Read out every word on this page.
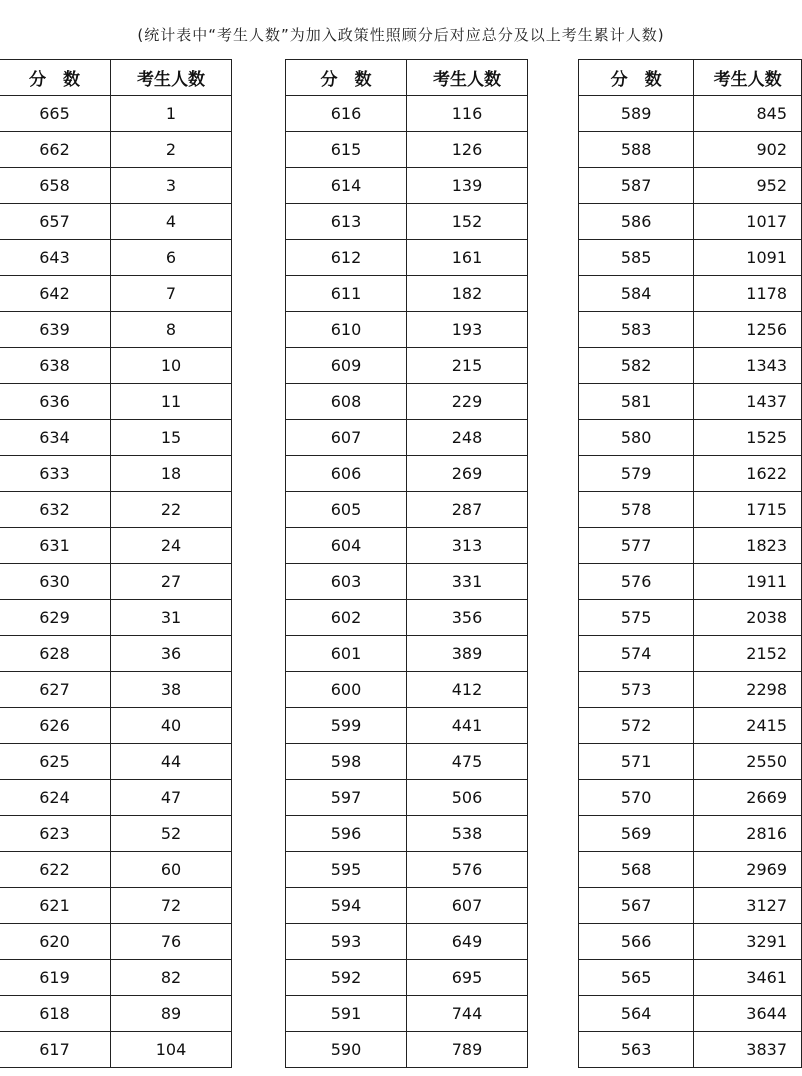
(统计表中“考生人数”为加入政策性照顾分后对应总分及以上考生累计人数)
分　数	考生人数
665	1
662	2
658	3
657	4
643	6
642	7
639	8
638	10
636	11
634	15
633	18
632	22
631	24
630	27
629	31
628	36
627	38
626	40
625	44
624	47
623	52
622	60
621	72
620	76
619	82
618	89
617	104
分　数	考生人数
616	116
615	126
614	139
613	152
612	161
611	182
610	193
609	215
608	229
607	248
606	269
605	287
604	313
603	331
602	356
601	389
600	412
599	441
598	475
597	506
596	538
595	576
594	607
593	649
592	695
591	744
590	789
分　数	考生人数
589	845
588	902
587	952
586	1017
585	1091
584	1178
583	1256
582	1343
581	1437
580	1525
579	1622
578	1715
577	1823
576	1911
575	2038
574	2152
573	2298
572	2415
571	2550
570	2669
569	2816
568	2969
567	3127
566	3291
565	3461
564	3644
563	3837
